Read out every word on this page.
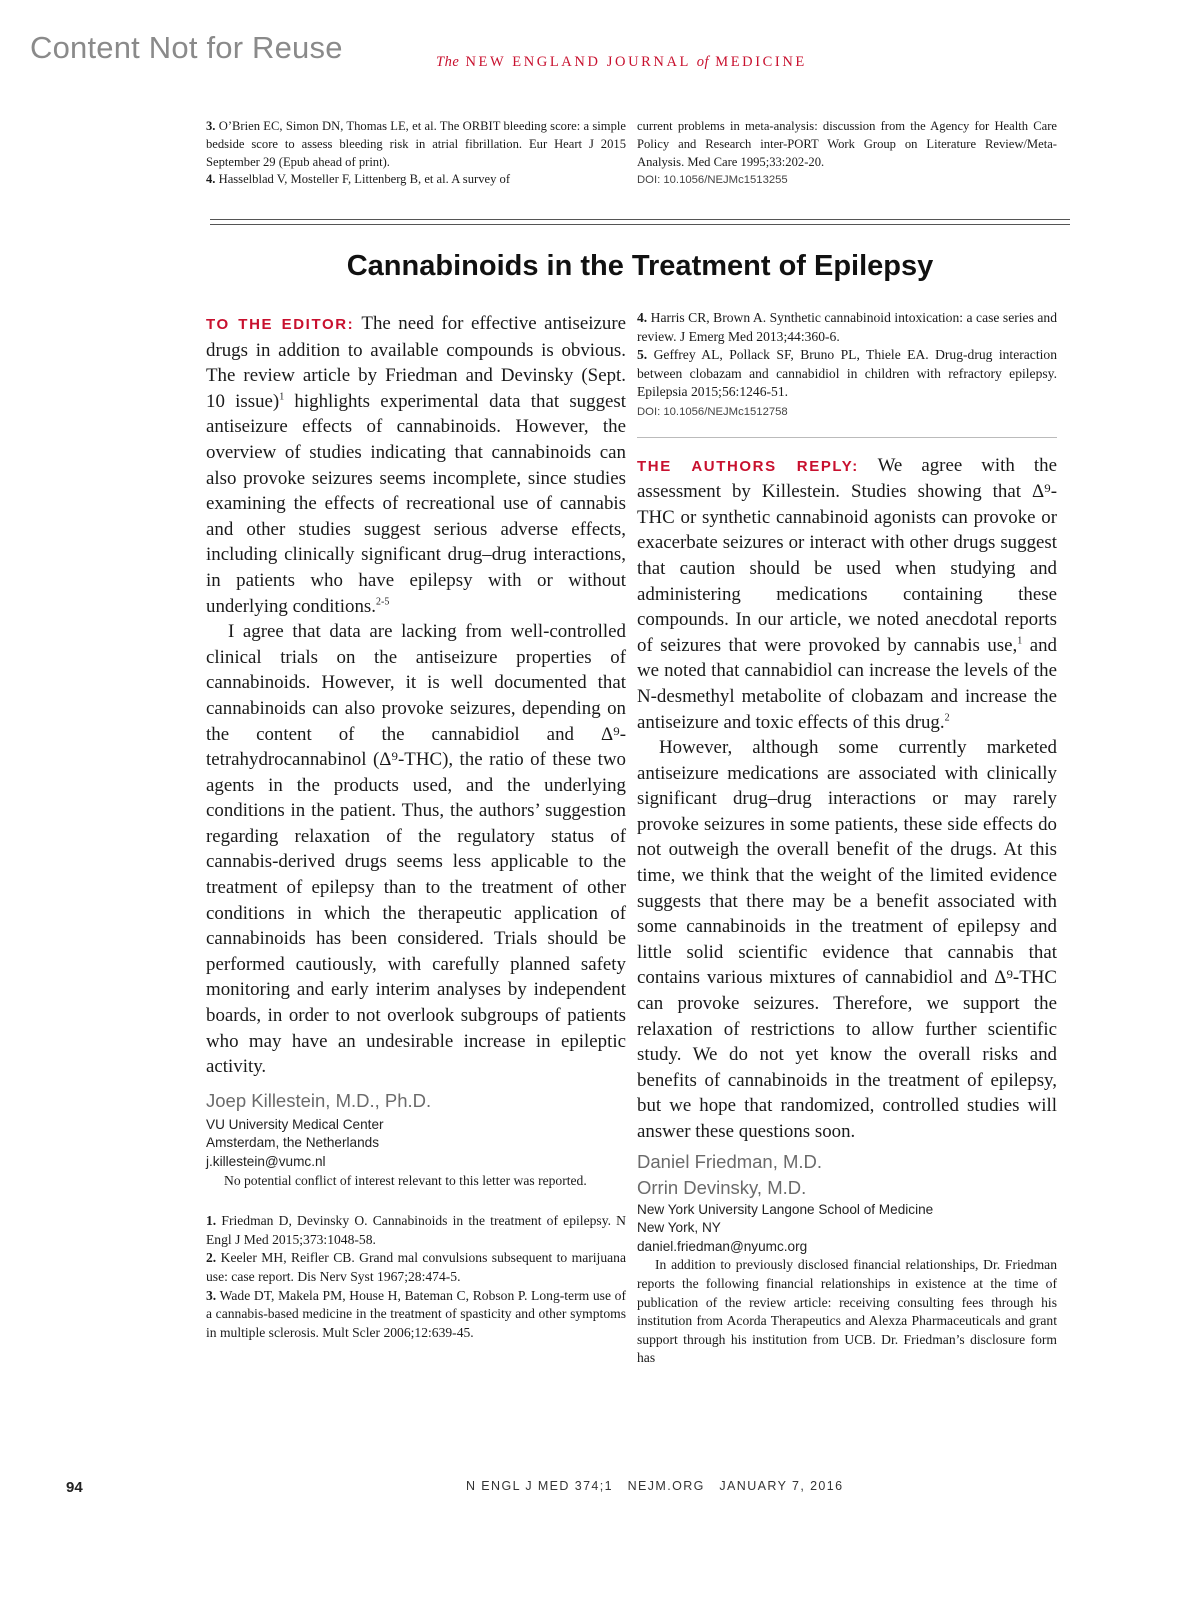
Content Not for Reuse	The NEW ENGLAND JOURNAL of MEDICINE

3. O’Brien EC, Simon DN, Thomas LE, et al. The ORBIT bleeding score: a simple bedside score to assess bleeding risk in atrial fibrillation. Eur Heart J 2015 September 29 (Epub ahead of print).

4. Hasselblad V, Mosteller F, Littenberg B, et al. A survey of

current problems in meta-analysis: discussion from the Agency for Health Care Policy and Research inter-PORT Work Group on Literature Review/Meta-Analysis. Med Care 1995;33:202-20.

DOI: 10.1056/NEJMc1513255

Cannabinoids in the Treatment of Epilepsy

TO THE EDITOR: The need for effective antiseizure drugs in addition to available compounds is obvious. The review article by Friedman and Devinsky (Sept. 10 issue)$^1$ highlights experimental data that suggest antiseizure effects of cannabinoids. However, the overview of studies indicating that cannabinoids can also provoke seizures seems incomplete, since studies examining the effects of recreational use of cannabis and other studies suggest serious adverse effects, including clinically significant drug–drug interactions, in patients who have epilepsy with or without underlying conditions.$^{2-5}$

I agree that data are lacking from well-controlled clinical trials on the antiseizure properties of cannabinoids. However, it is well documented that cannabinoids can also provoke seizures, depending on the content of the cannabidiol and Δ⁹-tetrahydrocannabinol (Δ⁹-THC), the ratio of these two agents in the products used, and the underlying conditions in the patient. Thus, the authors’ suggestion regarding relaxation of the regulatory status of cannabis-derived drugs seems less applicable to the treatment of epilepsy than to the treatment of other conditions in which the therapeutic application of cannabinoids has been considered. Trials should be performed cautiously, with carefully planned safety monitoring and early interim analyses by independent boards, in order to not overlook subgroups of patients who may have an undesirable increase in epileptic activity.

Joep Killestein, M.D., Ph.D.

VU University Medical Center
Amsterdam, the Netherlands
j.killestein@vumc.nl

No potential conflict of interest relevant to this letter was reported.

1. Friedman D, Devinsky O. Cannabinoids in the treatment of epilepsy. N Engl J Med 2015;373:1048-58.

2. Keeler MH, Reifler CB. Grand mal convulsions subsequent to marijuana use: case report. Dis Nerv Syst 1967;28:474-5.

3. Wade DT, Makela PM, House H, Bateman C, Robson P. Long-term use of a cannabis-based medicine in the treatment of spasticity and other symptoms in multiple sclerosis. Mult Scler 2006;12:639-45.

4. Harris CR, Brown A. Synthetic cannabinoid intoxication: a case series and review. J Emerg Med 2013;44:360-6.

5. Geffrey AL, Pollack SF, Bruno PL, Thiele EA. Drug-drug interaction between clobazam and cannabidiol in children with refractory epilepsy. Epilepsia 2015;56:1246-51.

DOI: 10.1056/NEJMc1512758

THE AUTHORS REPLY: We agree with the assessment by Killestein. Studies showing that Δ⁹-THC or synthetic cannabinoid agonists can provoke or exacerbate seizures or interact with other drugs suggest that caution should be used when studying and administering medications containing these compounds. In our article, we noted anecdotal reports of seizures that were provoked by cannabis use,$^1$ and we noted that cannabidiol can increase the levels of the N-desmethyl metabolite of clobazam and increase the antiseizure and toxic effects of this drug.$^2$

However, although some currently marketed antiseizure medications are associated with clinically significant drug–drug interactions or may rarely provoke seizures in some patients, these side effects do not outweigh the overall benefit of the drugs. At this time, we think that the weight of the limited evidence suggests that there may be a benefit associated with some cannabinoids in the treatment of epilepsy and little solid scientific evidence that cannabis that contains various mixtures of cannabidiol and Δ⁹-THC can provoke seizures. Therefore, we support the relaxation of restrictions to allow further scientific study. We do not yet know the overall risks and benefits of cannabinoids in the treatment of epilepsy, but we hope that randomized, controlled studies will answer these questions soon.

Daniel Friedman, M.D.

Orrin Devinsky, M.D.

New York University Langone School of Medicine
New York, NY
daniel.friedman@nyumc.org

In addition to previously disclosed financial relationships, Dr. Friedman reports the following financial relationships in existence at the time of publication of the review article: receiving consulting fees through his institution from Acorda Therapeutics and Alexza Pharmaceuticals and grant support through his institution from UCB. Dr. Friedman’s disclosure form has

94	N ENGL J MED 374;1   NEJM.ORG   JANUARY 7, 2016
